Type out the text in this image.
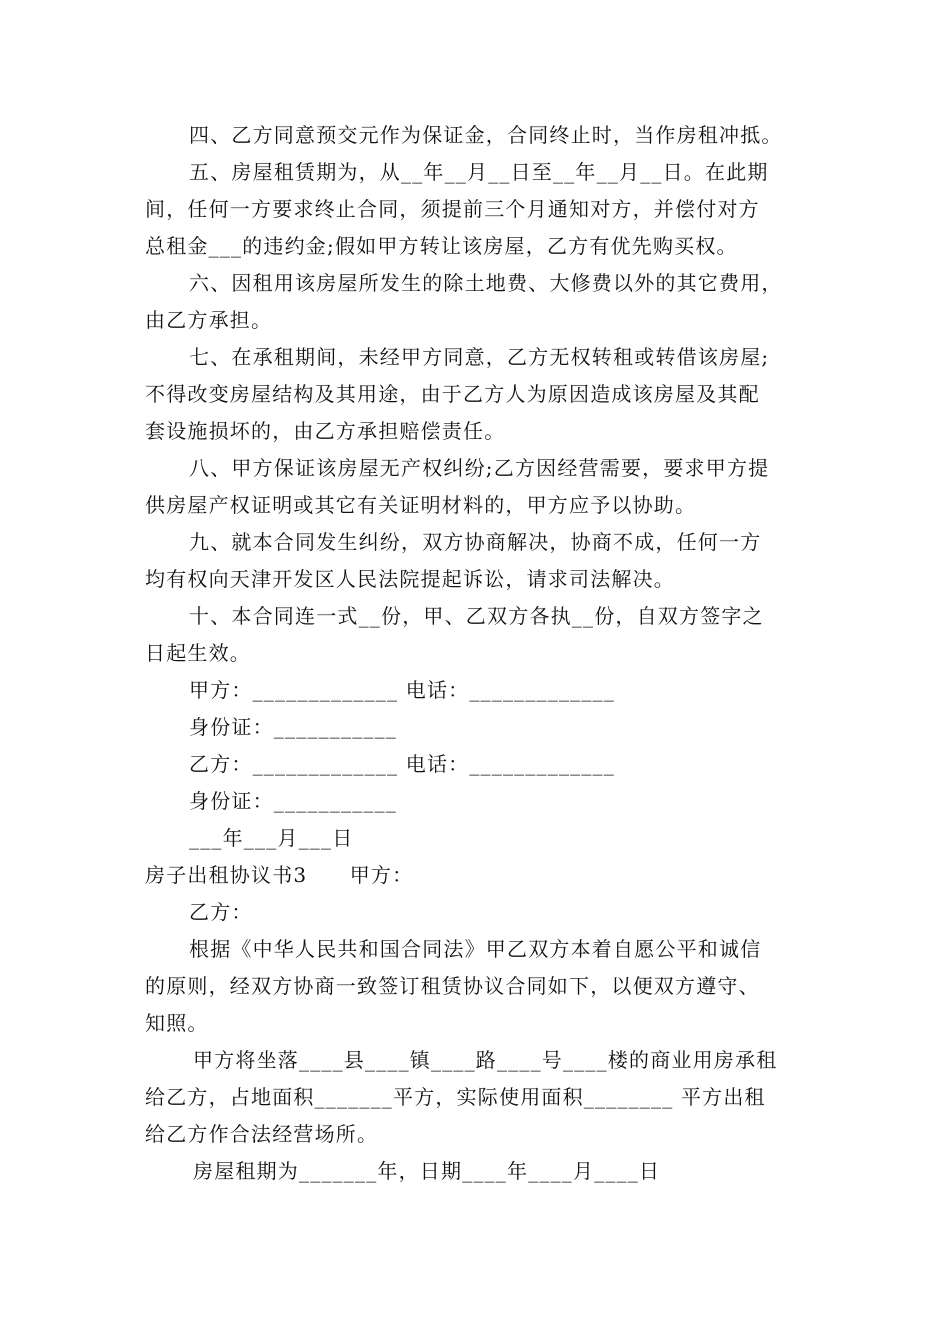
四、乙方同意预交元作为保证金，合同终止时，当作房租冲抵。

五、房屋租赁期为，从__年__月__日至__年__月__日。在此期

间，任何一方要求终止合同，须提前三个月通知对方，并偿付对方

总租金___的违约金;假如甲方转让该房屋，乙方有优先购买权。

六、因租用该房屋所发生的除土地费、大修费以外的其它费用，

由乙方承担。

七、在承租期间，未经甲方同意，乙方无权转租或转借该房屋;

不得改变房屋结构及其用途，由于乙方人为原因造成该房屋及其配

套设施损坏的，由乙方承担赔偿责任。

八、甲方保证该房屋无产权纠纷;乙方因经营需要，要求甲方提

供房屋产权证明或其它有关证明材料的，甲方应予以协助。

九、就本合同发生纠纷，双方协商解决，协商不成，任何一方

均有权向天津开发区人民法院提起诉讼，请求司法解决。

十、本合同连一式__份，甲、乙双方各执__份，自双方签字之

日起生效。

甲方：_____________ 电话：_____________

身份证：___________

乙方：_____________ 电话：_____________

身份证：___________

___年___月___日

房子出租协议书3　　甲方：

乙方：

根据《中华人民共和国合同法》甲乙双方本着自愿公平和诚信

的原则，经双方协商一致签订租赁协议合同如下，以便双方遵守、

知照。

甲方将坐落____县____镇____路____号____楼的商业用房承租

给乙方，占地面积_______平方，实际使用面积________ 平方出租

给乙方作合法经营场所。

房屋租期为_______年，日期____年____月____日
